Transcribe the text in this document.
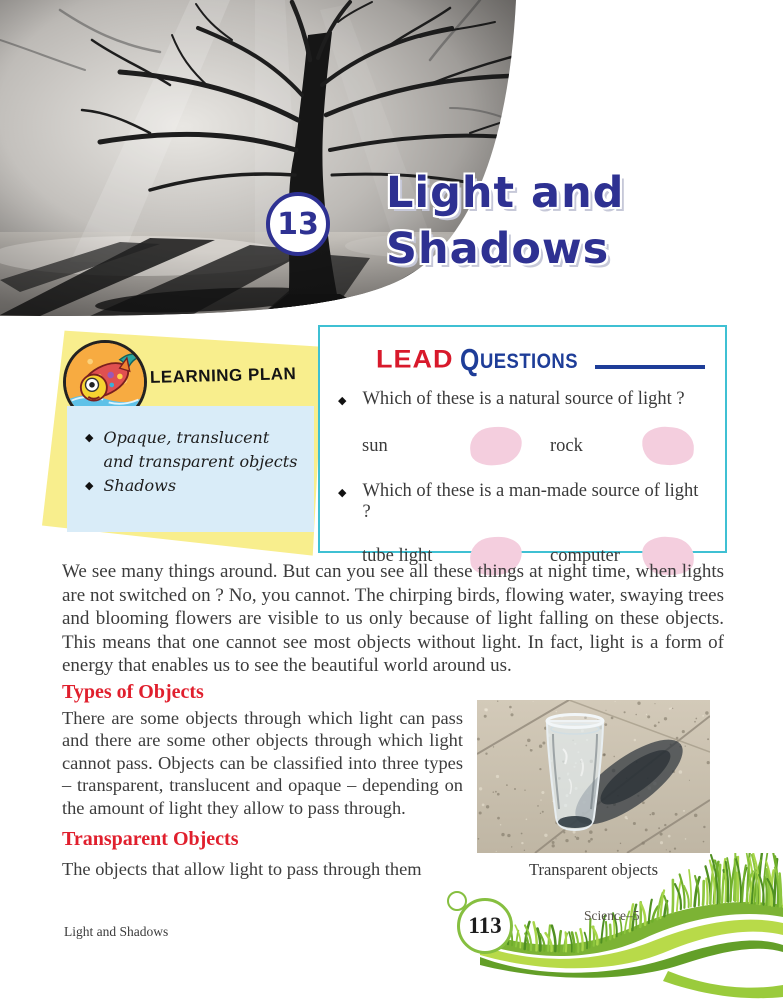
13
Light and
Shadows
LEARNING PLAN
◆ Opaque, translucent and transparent objects
◆ Shadows
LEAD Q UESTIONS
◆ Which of these is a natural source of light ?
sun	rock
◆ Which of these is a man-made source of light ?
tube light	computer

We see many things around. But can you see all these things at night time, when lights are not switched on ? No, you cannot. The chirping birds, flowing water, swaying trees and blooming flowers are visible to us only because of light falling on these objects. This means that one cannot see most objects without light. In fact, light is a form of energy that enables us to see the beautiful world around us.

Types of Objects

There are some objects through which light can pass and there are some other objects through which light cannot pass. Objects can be classified into three types – transparent, translucent and opaque – depending on the amount of light they allow to pass through.

Transparent Objects

The objects that allow light to pass through them	Transparent objects
Light and Shadows	113	Science–5
